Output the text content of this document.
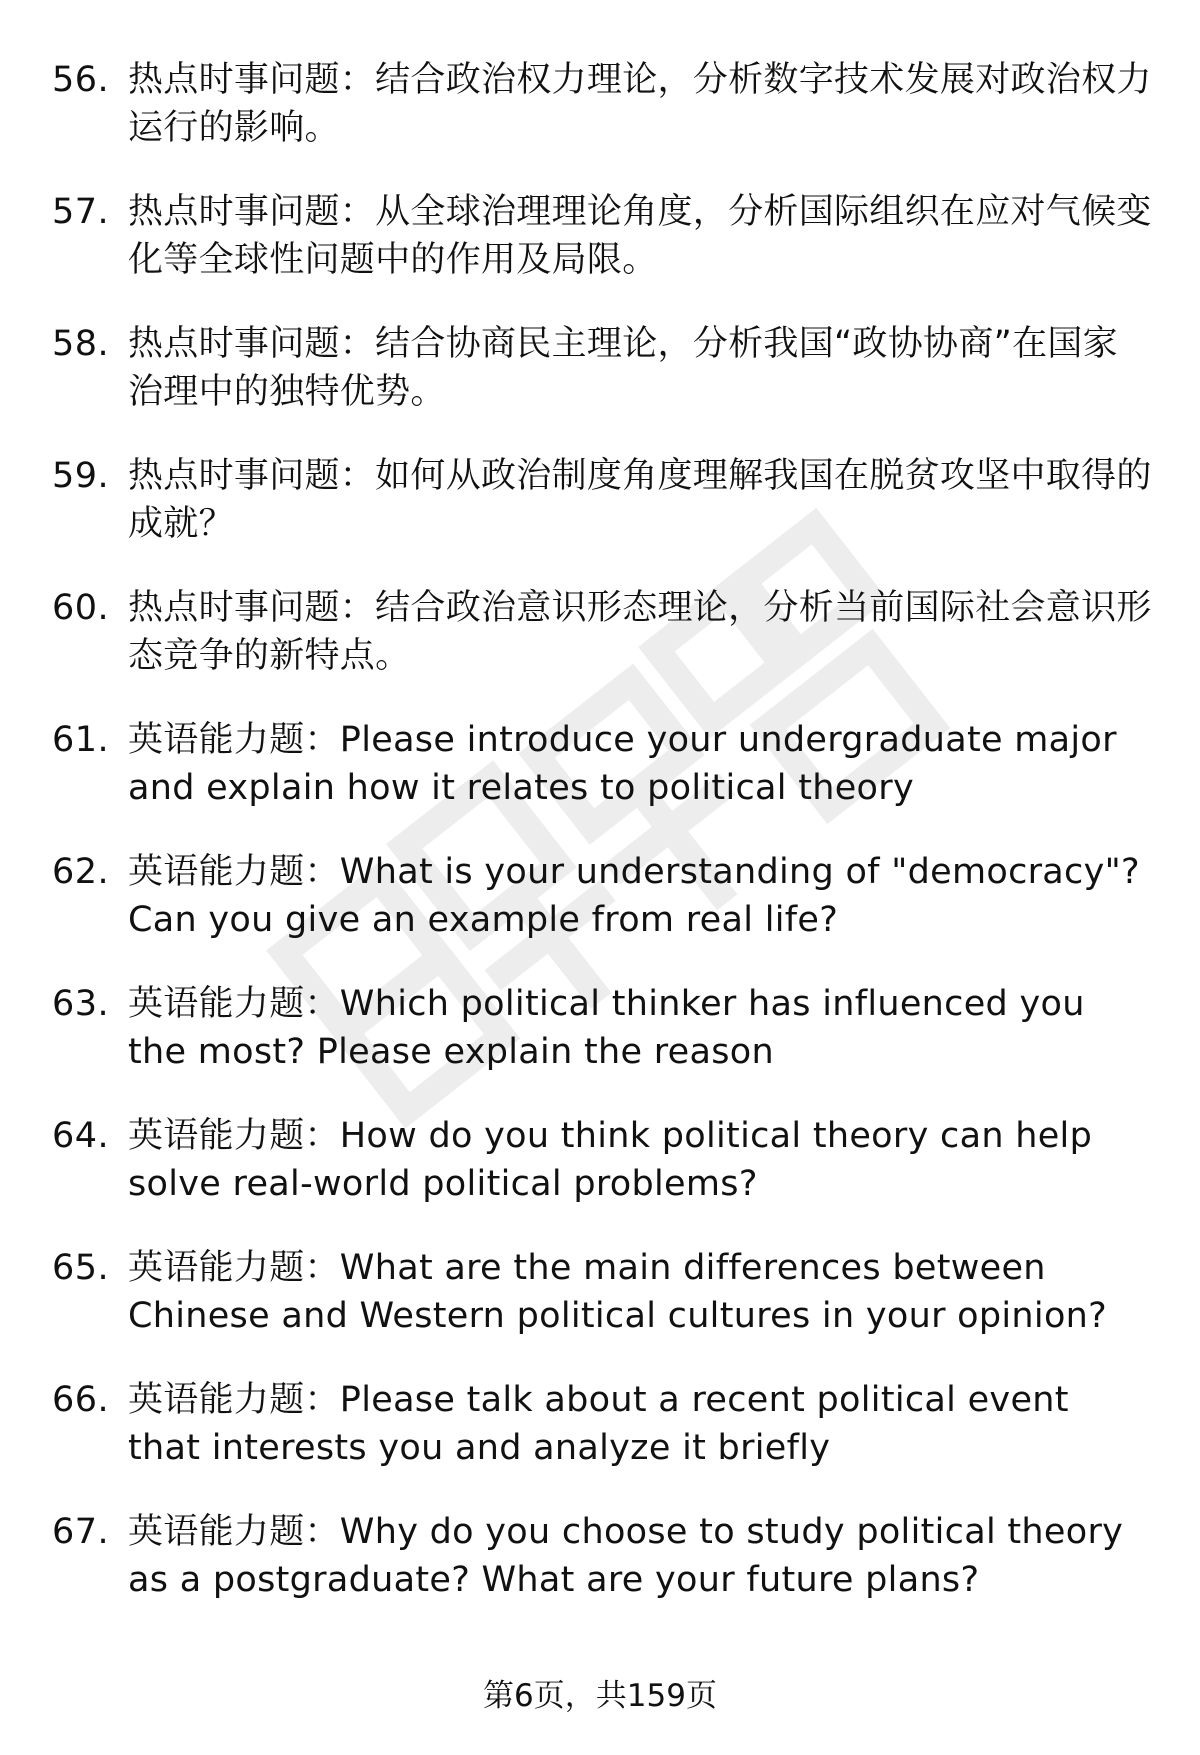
56. 热点时事问题：结合政治权力理论，分析数字技术发展对政治权力运行的影响。
57. 热点时事问题：从全球治理理论角度，分析国际组织在应对气候变化等全球性问题中的作用及局限。
58. 热点时事问题：结合协商民主理论，分析我国“政协协商”在国家治理中的独特优势。
59. 热点时事问题：如何从政治制度角度理解我国在脱贫攻坚中取得的成就？
60. 热点时事问题：结合政治意识形态理论，分析当前国际社会意识形态竞争的新特点。
61. 英语能力题：Please introduce your undergraduate major and explain how it relates to political theory
62. 英语能力题：What is your understanding of "democracy"? Can you give an example from real life?
63. 英语能力题：Which political thinker has influenced you the most? Please explain the reason
64. 英语能力题：How do you think political theory can help solve real-world political problems?
65. 英语能力题：What are the main differences between Chinese and Western political cultures in your opinion?
66. 英语能力题：Please talk about a recent political event that interests you and analyze it briefly
67. 英语能力题：Why do you choose to study political theory as a postgraduate? What are your future plans?
第6页，共159页
